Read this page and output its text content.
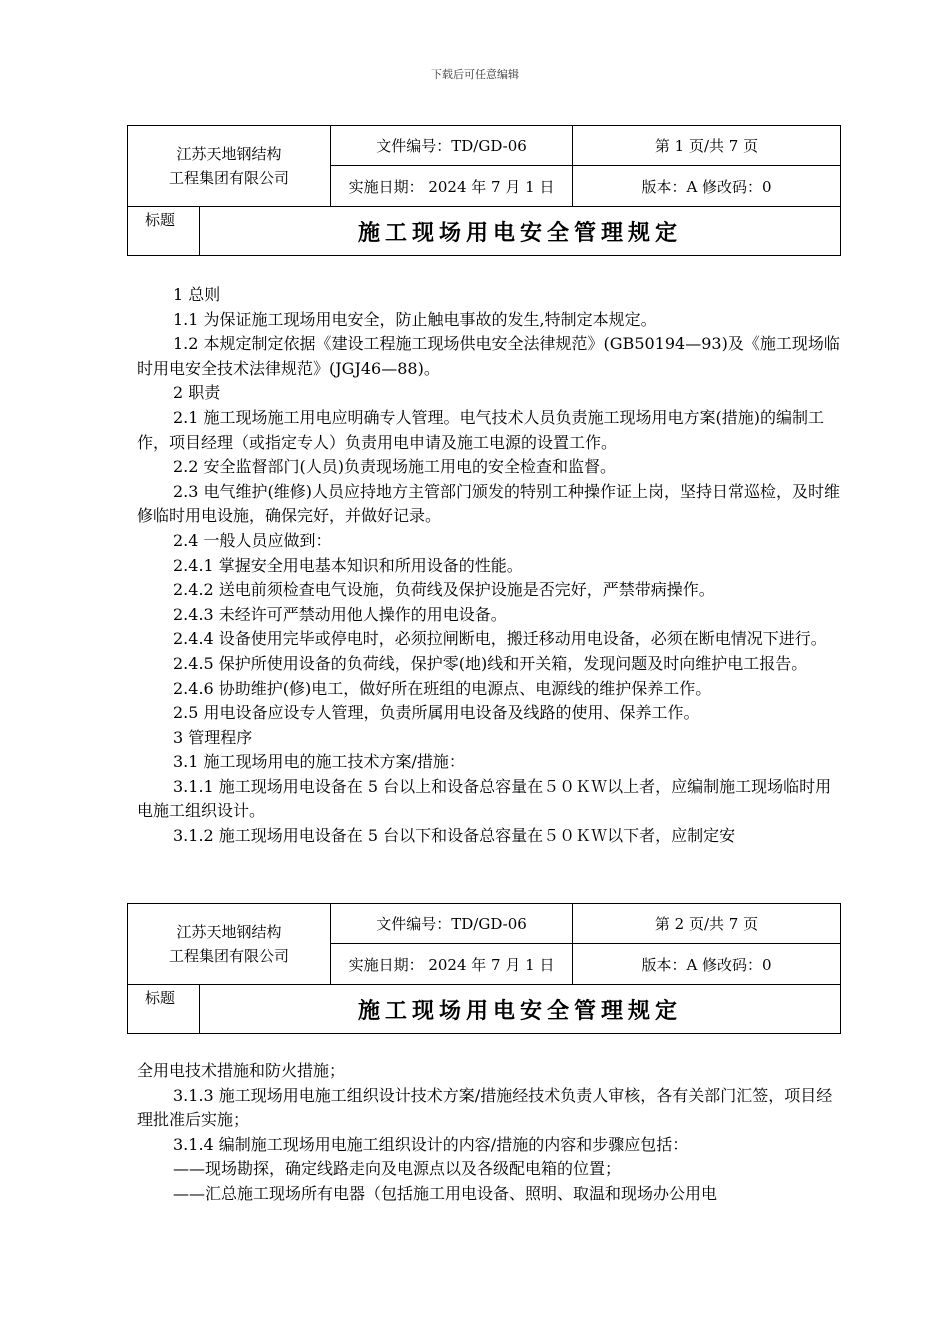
下载后可任意编辑
江苏天地钢结构
工程集团有限公司		文件编号：TD/GD-06	第 1 页/共 7 页
		实施日期： 2024 年 7 月 1 日	版本：A 修改码：0
标题	施工现场用电安全管理规定		

1 总则

1.1 为保证施工现场用电安全，防止触电事故的发生,特制定本规定。

1.2 本规定制定依据《建设工程施工现场供电安全法律规范》(GB50194—93)及《施工现场临时用电安全技术法律规范》(JGJ46—88)。

2 职责

2.1 施工现场施工用电应明确专人管理。电气技术人员负责施工现场用电方案(措施)的编制工作，项目经理（或指定专人）负责用电申请及施工电源的设置工作。

2.2 安全监督部门(人员)负责现场施工用电的安全检查和监督。

2.3 电气维护(维修)人员应持地方主管部门颁发的特别工种操作证上岗，坚持日常巡检，及时维修临时用电设施，确保完好，并做好记录。

2.4 一般人员应做到：

2.4.1 掌握安全用电基本知识和所用设备的性能。

2.4.2 送电前须检查电气设施，负荷线及保护设施是否完好，严禁带病操作。

2.4.3 未经许可严禁动用他人操作的用电设备。

2.4.4 设备使用完毕或停电时，必须拉闸断电，搬迁移动用电设备，必须在断电情况下进行。

2.4.5 保护所使用设备的负荷线，保护零(地)线和开关箱，发现问题及时向维护电工报告。

2.4.6 协助维护(修)电工，做好所在班组的电源点、电源线的维护保养工作。

2.5 用电设备应设专人管理，负责所属用电设备及线路的使用、保养工作。

3 管理程序

3.1 施工现场用电的施工技术方案/措施：

3.1.1 施工现场用电设备在 5 台以上和设备总容量在５０ＫＷ以上者，应编制施工现场临时用电施工组织设计。

3.1.2 施工现场用电设备在 5 台以下和设备总容量在５０ＫＷ以下者，应制定安

江苏天地钢结构
工程集团有限公司		文件编号：TD/GD-06	第 2 页/共 7 页
		实施日期： 2024 年 7 月 1 日	版本：A 修改码：0
标题	施工现场用电安全管理规定		

全用电技术措施和防火措施；

3.1.3 施工现场用电施工组织设计技术方案/措施经技术负责人审核，各有关部门汇签，项目经理批准后实施；

3.1.4 编制施工现场用电施工组织设计的内容/措施的内容和步骤应包括：

——现场勘探，确定线路走向及电源点以及各级配电箱的位置；

——汇总施工现场所有电器（包括施工用电设备、照明、取温和现场办公用电
